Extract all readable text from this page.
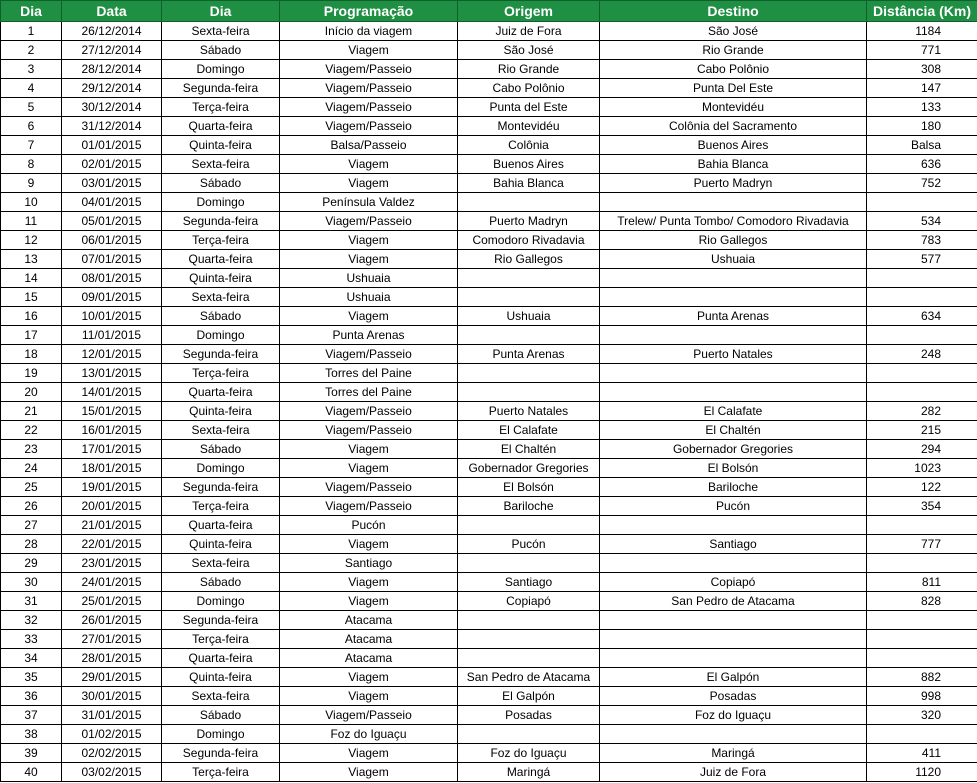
Dia	Data	Dia	Programação	Origem	Destino	Distância (Km)
1	26/12/2014	Sexta-feira	Início da viagem	Juiz de Fora	São José	1184
2	27/12/2014	Sábado	Viagem	São José	Rio Grande	771
3	28/12/2014	Domingo	Viagem/Passeio	Rio Grande	Cabo Polônio	308
4	29/12/2014	Segunda-feira	Viagem/Passeio	Cabo Polônio	Punta Del Este	147
5	30/12/2014	Terça-feira	Viagem/Passeio	Punta del Este	Montevidéu	133
6	31/12/2014	Quarta-feira	Viagem/Passeio	Montevidéu	Colônia del Sacramento	180
7	01/01/2015	Quinta-feira	Balsa/Passeio	Colônia	Buenos Aires	Balsa
8	02/01/2015	Sexta-feira	Viagem	Buenos Aires	Bahia Blanca	636
9	03/01/2015	Sábado	Viagem	Bahia Blanca	Puerto Madryn	752
10	04/01/2015	Domingo	Península Valdez			
11	05/01/2015	Segunda-feira	Viagem/Passeio	Puerto Madryn	Trelew/ Punta Tombo/ Comodoro Rivadavia	534
12	06/01/2015	Terça-feira	Viagem	Comodoro Rivadavia	Rio Gallegos	783
13	07/01/2015	Quarta-feira	Viagem	Rio Gallegos	Ushuaia	577
14	08/01/2015	Quinta-feira	Ushuaia			
15	09/01/2015	Sexta-feira	Ushuaia			
16	10/01/2015	Sábado	Viagem	Ushuaia	Punta Arenas	634
17	11/01/2015	Domingo	Punta Arenas			
18	12/01/2015	Segunda-feira	Viagem/Passeio	Punta Arenas	Puerto Natales	248
19	13/01/2015	Terça-feira	Torres del Paine			
20	14/01/2015	Quarta-feira	Torres del Paine			
21	15/01/2015	Quinta-feira	Viagem/Passeio	Puerto Natales	El Calafate	282
22	16/01/2015	Sexta-feira	Viagem/Passeio	El Calafate	El Chaltén	215
23	17/01/2015	Sábado	Viagem	El Chaltén	Gobernador Gregories	294
24	18/01/2015	Domingo	Viagem	Gobernador Gregories	El Bolsón	1023
25	19/01/2015	Segunda-feira	Viagem/Passeio	El Bolsón	Bariloche	122
26	20/01/2015	Terça-feira	Viagem/Passeio	Bariloche	Pucón	354
27	21/01/2015	Quarta-feira	Pucón			
28	22/01/2015	Quinta-feira	Viagem	Pucón	Santiago	777
29	23/01/2015	Sexta-feira	Santiago			
30	24/01/2015	Sábado	Viagem	Santiago	Copiapó	811
31	25/01/2015	Domingo	Viagem	Copiapó	San Pedro de Atacama	828
32	26/01/2015	Segunda-feira	Atacama			
33	27/01/2015	Terça-feira	Atacama			
34	28/01/2015	Quarta-feira	Atacama			
35	29/01/2015	Quinta-feira	Viagem	San Pedro de Atacama	El Galpón	882
36	30/01/2015	Sexta-feira	Viagem	El Galpón	Posadas	998
37	31/01/2015	Sábado	Viagem/Passeio	Posadas	Foz do Iguaçu	320
38	01/02/2015	Domingo	Foz do Iguaçu			
39	02/02/2015	Segunda-feira	Viagem	Foz do Iguaçu	Maringá	411
40	03/02/2015	Terça-feira	Viagem	Maringá	Juiz de Fora	1120
